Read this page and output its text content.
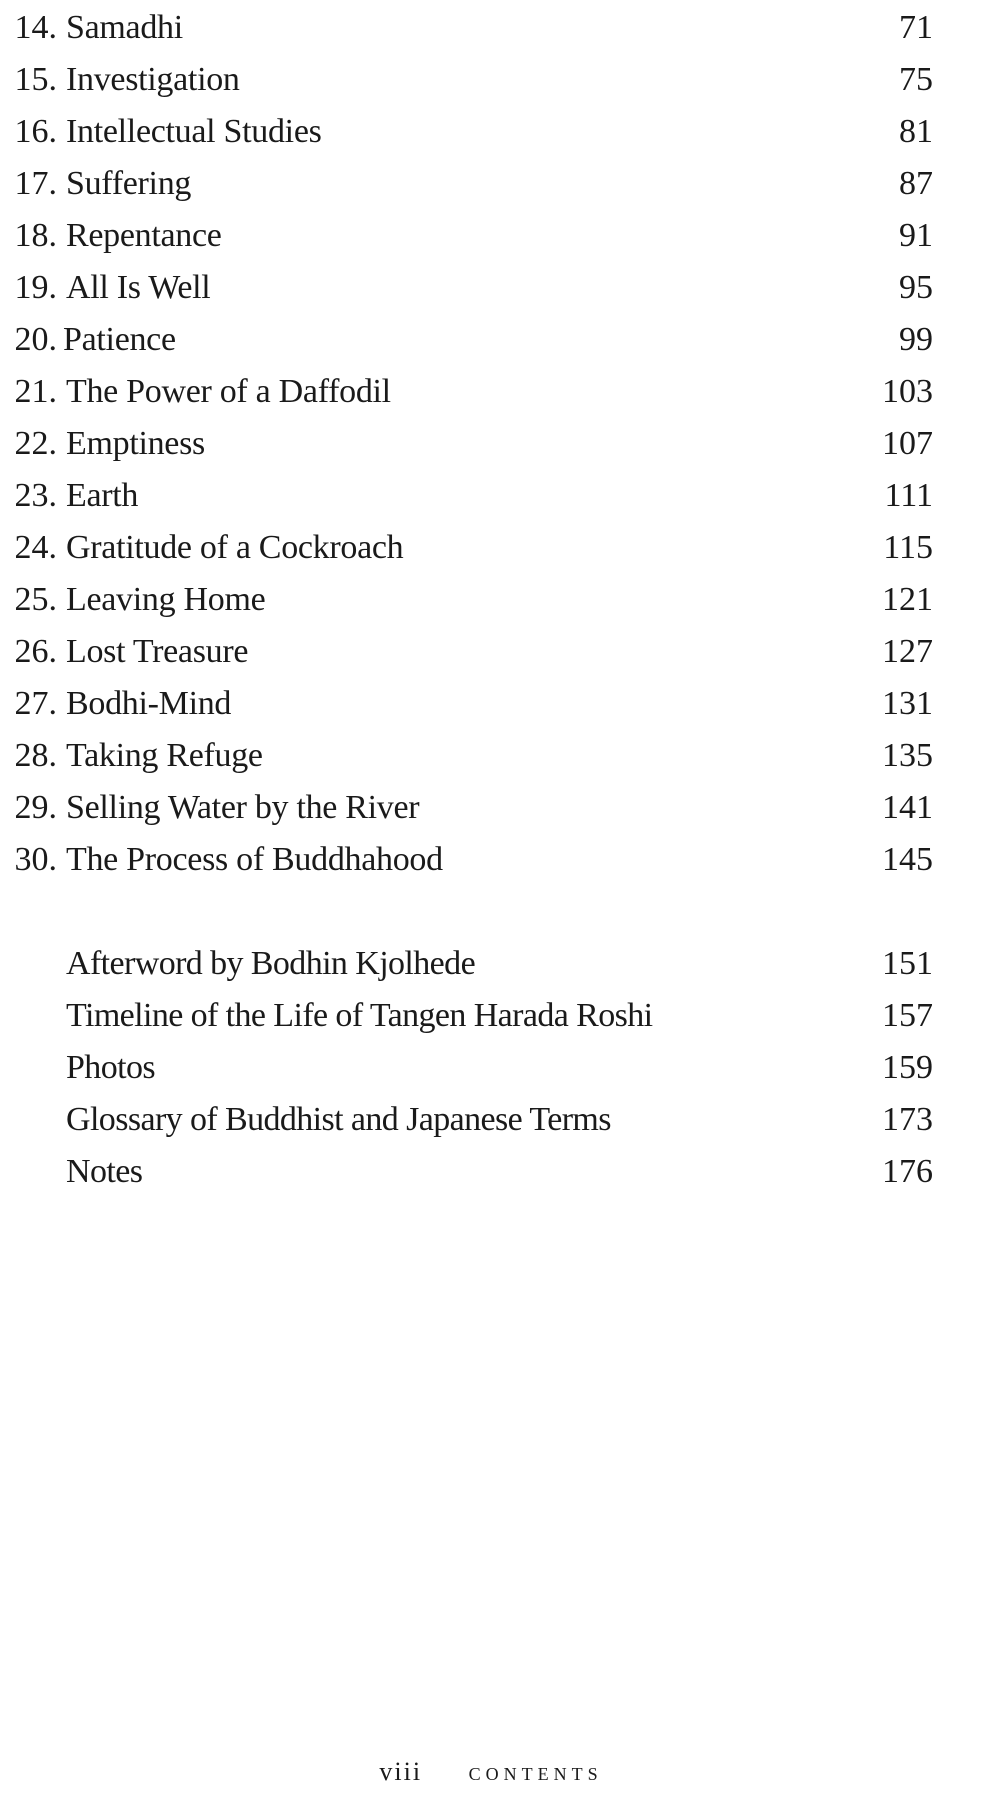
14. Samadhi	71
15. Investigation	75
16. Intellectual Studies	81
17. Suffering	87
18. Repentance	91
19. All Is Well	95
20. Patience	99
21. The Power of a Daffodil	103
22. Emptiness	107
23. Earth	111
24. Gratitude of a Cockroach	115
25. Leaving Home	121
26. Lost Treasure	127
27. Bodhi-Mind	131
28. Taking Refuge	135
29. Selling Water by the River	141
30. The Process of Buddhahood	145
Afterword by Bodhin Kjolhede	151
Timeline of the Life of Tangen Harada Roshi	157
Photos	159
Glossary of Buddhist and Japanese Terms	173
Notes	176
viii contents
